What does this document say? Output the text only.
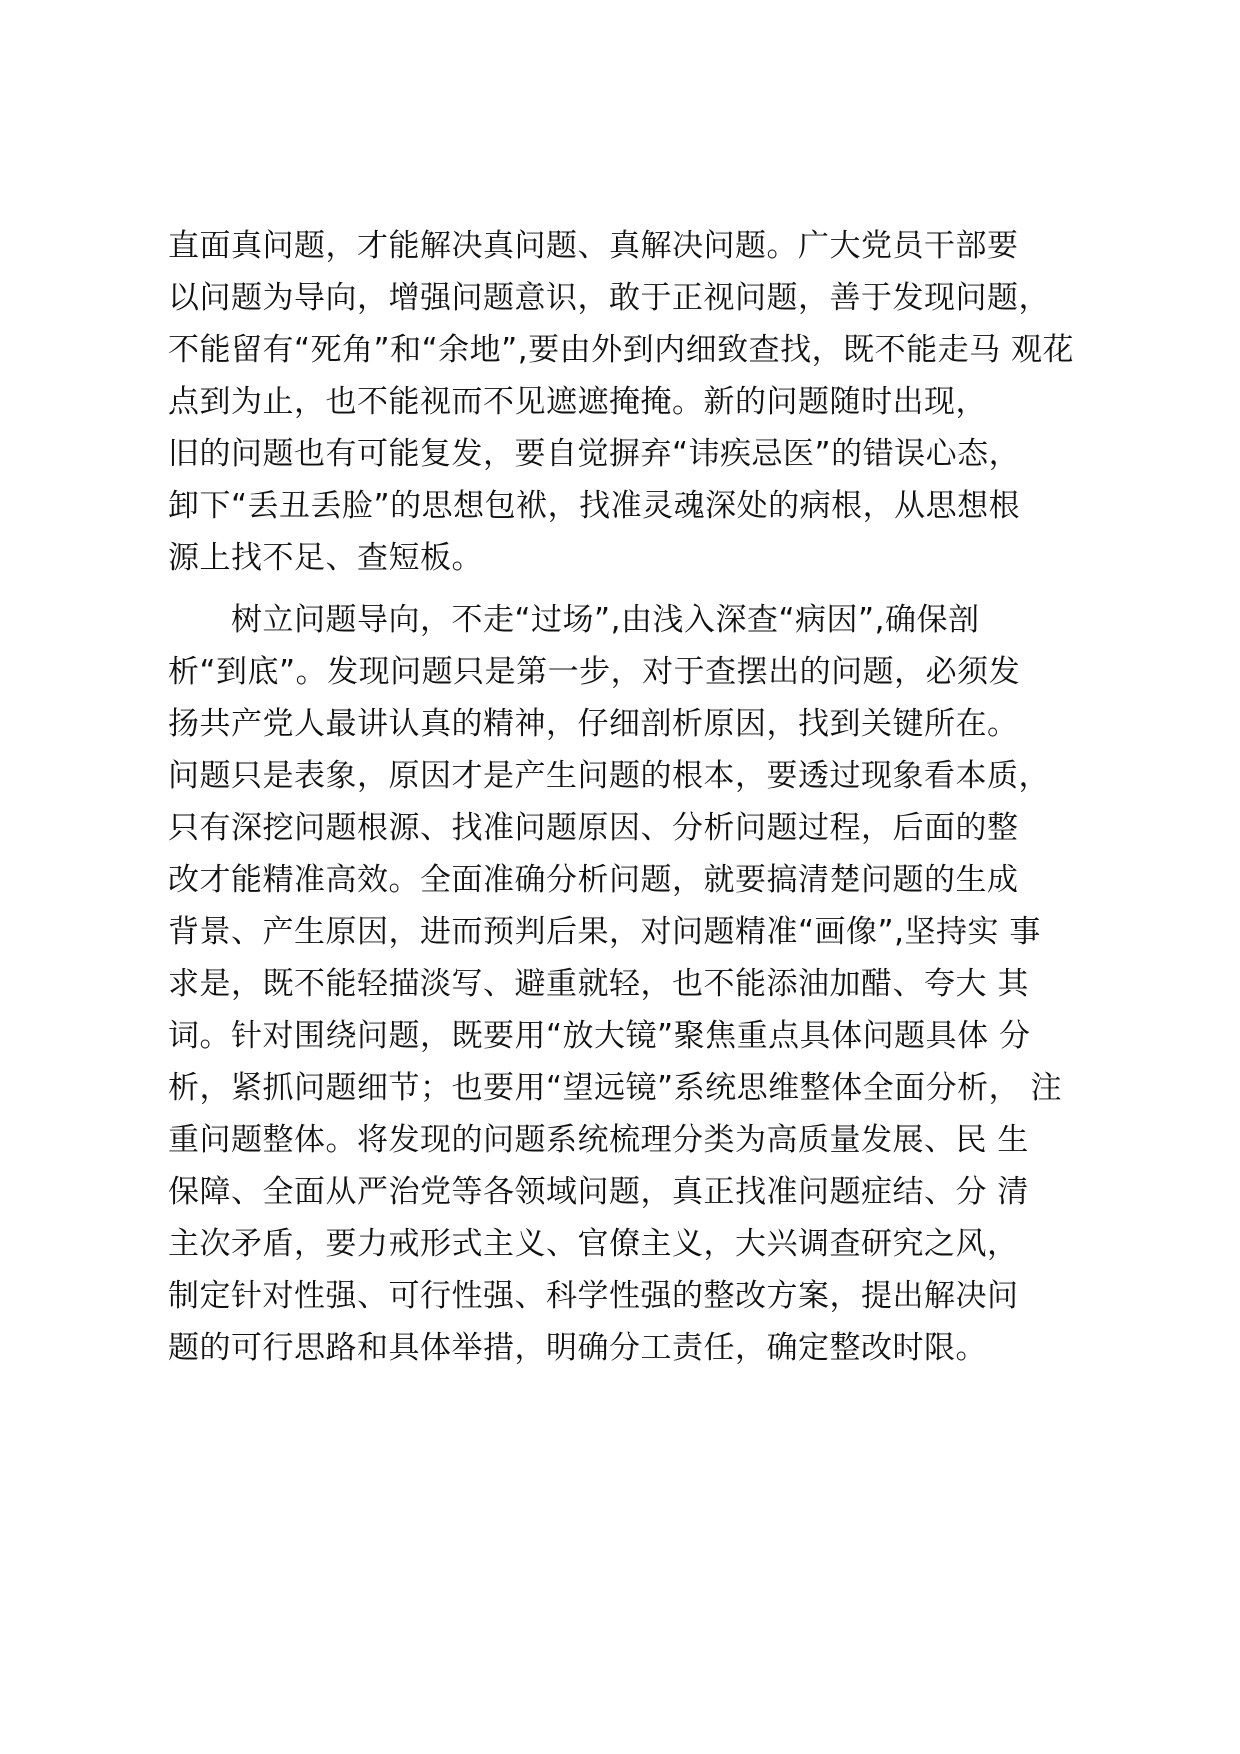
直面真问题，才能解决真问题、真解决问题。广大党员干部要
以问题为导向，增强问题意识，敢于正视问题，善于发现问题，
不能留有“死角”和“余地”,要由外到内细致查找，既不能走马 观花
点到为止，也不能视而不见遮遮掩掩。新的问题随时出现，
旧的问题也有可能复发，要自觉摒弃“讳疾忌医”的错误心态，
卸下“丢丑丢脸”的思想包袱，找准灵魂深处的病根，从思想根
源上找不足、查短板。
树立问题导向，不走“过场”,由浅入深查“病因”,确保剖
析“到底”。发现问题只是第一步，对于查摆出的问题，必须发
扬共产党人最讲认真的精神，仔细剖析原因，找到关键所在。
问题只是表象，原因才是产生问题的根本，要透过现象看本质，
只有深挖问题根源、找准问题原因、分析问题过程，后面的整
改才能精准高效。全面准确分析问题，就要搞清楚问题的生成
背景、产生原因，进而预判后果，对问题精准“画像”,坚持实 事
求是，既不能轻描淡写、避重就轻，也不能添油加醋、夸大 其
词。针对围绕问题，既要用“放大镜”聚焦重点具体问题具体 分
析，紧抓问题细节；也要用“望远镜”系统思维整体全面分析， 注
重问题整体。将发现的问题系统梳理分类为高质量发展、民 生
保障、全面从严治党等各领域问题，真正找准问题症结、分 清
主次矛盾，要力戒形式主义、官僚主义，大兴调查研究之风，
制定针对性强、可行性强、科学性强的整改方案，提出解决问
题的可行思路和具体举措，明确分工责任，确定整改时限。
